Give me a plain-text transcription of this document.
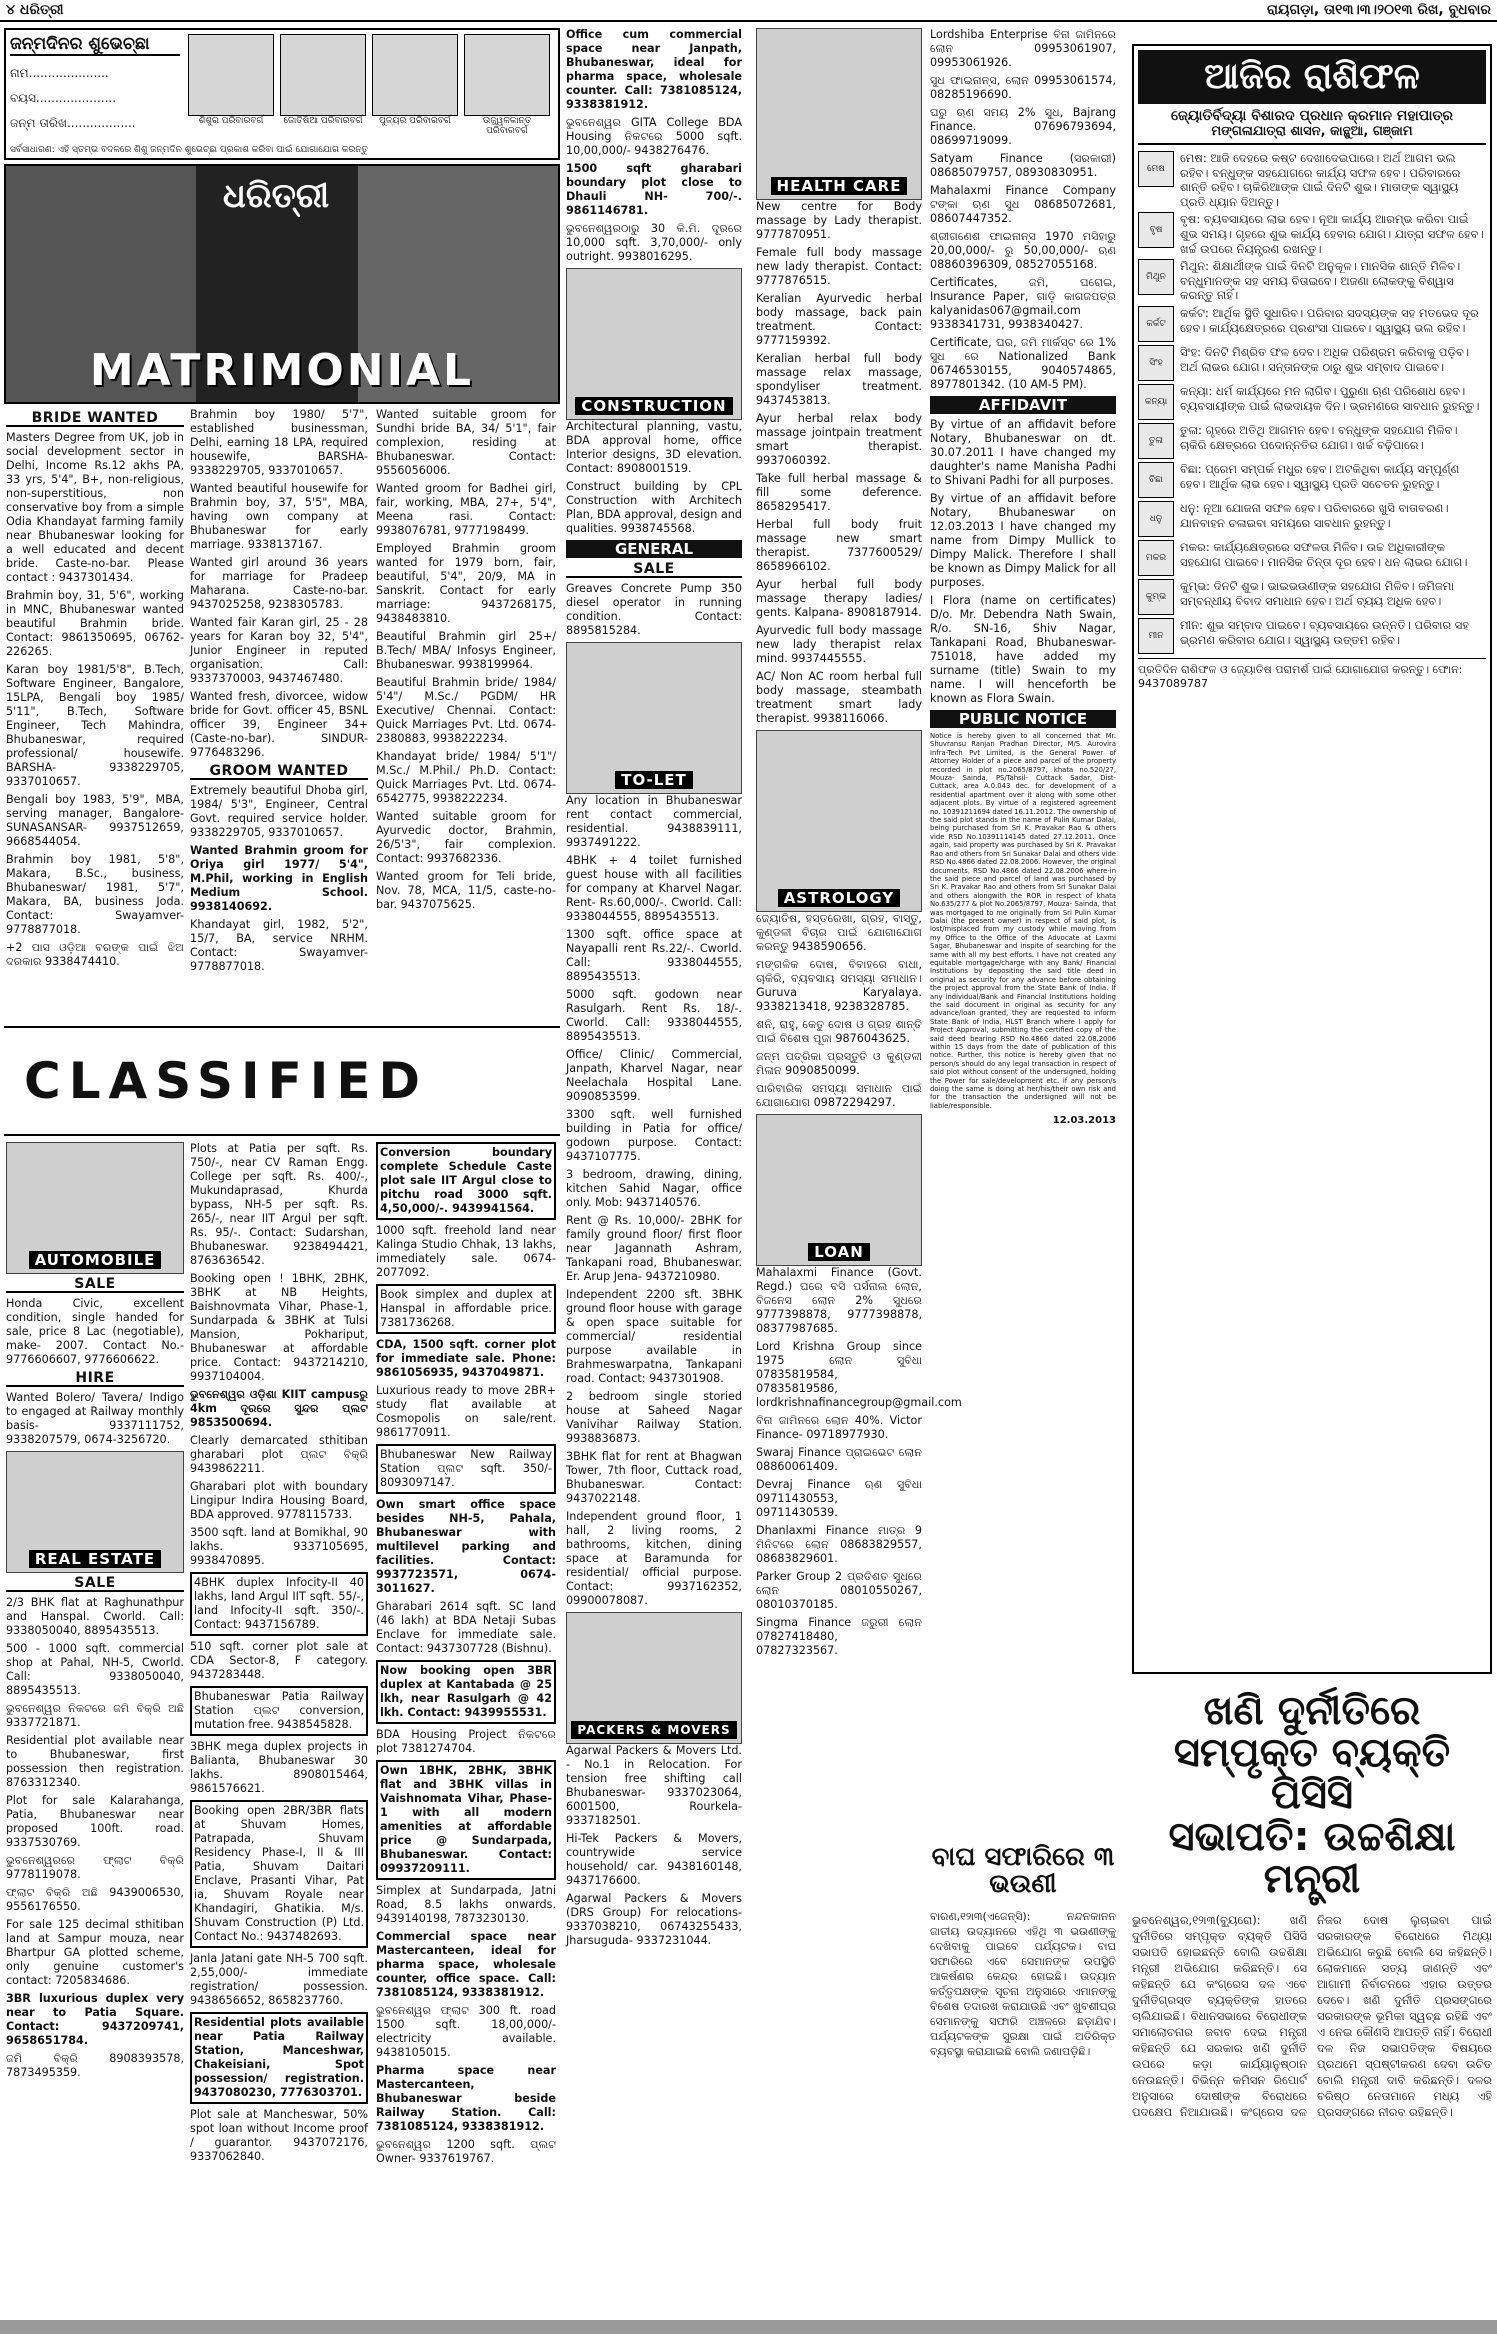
୪ ଧରିତ୍ରୀ	ରାୟଗଡ଼ା, ତା୧୩।୩।୨୦୧୩ ରିଖ, ବୁଧବାର
ଜନ୍ମଦିନର ଶୁଭେଚ୍ଛା
ନାମ.....................
ବୟସ.....................
ଜନ୍ମ ତାରିଖ..................	ଶିଶୁର ପରିବାରବର୍ଗ	ଜୋତିଷିଆ ପରିବାରବର୍ଗ	ପୁଜ୍ୟର ପରିବାରବର୍ଗ	ଉଜ୍ଜ୍ୱଳକାନ୍ତ ପରିବାରବର୍ଗ
ସର୍ବସାଧାରଣ: ଏହି ସ୍ତମ୍ଭ ବଦଳରେ ଶିଶୁ ଜନ୍ମଦିନ ଶୁଭେଚ୍ଛା ପ୍ରକାଶ କରିବା ପାଇଁ ଯୋଗାଯୋଗ କରନ୍ତୁ
ଧରିତ୍ରୀ
MATRIMONIAL
BRIDE WANTED

Masters Degree from UK, job in social development sector in Delhi, Income Rs.12 akhs PA, 33 yrs, 5'4", B+, non-religious, non-superstitious, non conservative boy from a simple Odia Khandayat farming family near Bhubaneswar looking for a well educated and decent bride. Caste-no-bar. Please contact : 9437301434.

Brahmin boy, 31, 5'6", working in MNC, Bhubaneswar wanted beautiful Brahmin bride. Contact: 9861350695, 06762-226265.

Karan boy 1981/5'8", B.Tech, Software Engineer, Bangalore, 15LPA, Bengali boy 1985/ 5'11", B.Tech, Software Engineer, Tech Mahindra, Bhubaneswar, required professional/ housewife. BARSHA- 9338229705, 9337010657.

Bengali boy 1983, 5'9", MBA, serving manager, Bangalore- SUNASANSAR- 9937512659, 9668544054.

Brahmin boy 1981, 5'8", Makara, B.Sc., business, Bhubaneswar/ 1981, 5'7", Makara, BA, business Joda. Contact: Swayamver- 9778877018.

+2 ପାସ ଓଡ଼ିଆ ବରଙ୍କ ପାଇଁ ଝିଅ ଦରକାର 9338474410.

Brahmin boy 1980/ 5'7", established businessman, Delhi, earning 18 LPA, required housewife, BARSHA- 9338229705, 9337010657.

Wanted beautiful housewife for Brahmin boy, 37, 5'5", MBA, having own company at Bhubaneswar for early marriage. 9338137167.

Wanted girl around 36 years for marriage for Pradeep Maharana. Caste-no-bar. 9437025258, 9238305783.

Wanted fair Karan girl, 25 - 28 years for Karan boy 32, 5'4", Junior Engineer in reputed organisation. Call: 9337370003, 9437467480.

Wanted fresh, divorcee, widow bride for Govt. officer 45, BSNL officer 39, Engineer 34+ (Caste-no-bar). SINDUR- 9776483296.

GROOM WANTED

Extremely beautiful Dhoba girl, 1984/ 5'3", Engineer, Central Govt. required service holder. 9338229705, 9337010657.

Wanted Brahmin groom for Oriya girl 1977/ 5'4", M.Phil, working in English Medium School. 9938140692.

Khandayat girl, 1982, 5'2", 15/7, BA, service NRHM. Contact: Swayamver- 9778877018.

Wanted suitable groom for Sundhi bride BA, 34/ 5'1", fair complexion, residing at Bhubaneswar. Contact: 9556056006.

Wanted groom for Badhei girl, fair, working, MBA, 27+, 5'4", Meena rasi. Contact: 9938076781, 9777198499.

Employed Brahmin groom wanted for 1979 born, fair, beautiful, 5'4", 20/9, MA in Sanskrit. Contact for early marriage: 9437268175, 9438483810.

Beautiful Brahmin girl 25+/ B.Tech/ MBA/ Infosys Engineer, Bhubaneswar. 9938199964.

Beautiful Brahmin bride/ 1984/ 5'4"/ M.Sc./ PGDM/ HR Executive/ Chennai. Contact: Quick Marriages Pvt. Ltd. 0674-2380883, 9938222234.

Khandayat bride/ 1984/ 5'1"/ M.Sc./ M.Phil./ Ph.D. Contact: Quick Marriages Pvt. Ltd. 0674-6542775, 9938222234.

Wanted suitable groom for Ayurvedic doctor, Brahmin, 26/5'3", fair complexion. Contact: 9937682336.

Wanted groom for Teli bride, Nov. 78, MCA, 11/5, caste-no-bar. 9437075625.

CLASSIFIED
AUTOMOBILE
SALE

Honda Civic, excellent condition, single handed for sale, price 8 Lac (negotiable), make- 2007. Contact No.- 9776606607, 9776606622.

HIRE

Wanted Bolero/ Tavera/ Indigo to engaged at Railway monthly basis- 9337111752, 9338207579, 0674-3256720.

REAL ESTATE
SALE

2/3 BHK flat at Raghunathpur and Hanspal. Cworld. Call: 9338050040, 8895435513.

500 - 1000 sqft. commercial shop at Pahal, NH-5, Cworld. Call: 9338050040, 8895435513.

ଭୁବନେଶ୍ୱର ନିକଟରେ ଜମି ବିକ୍ରି ଅଛି 9337721871.

Residential plot available near to Bhubaneswar, first possession then registration. 8763312340.

Plot for sale Kalarahanga, Patia, Bhubaneswar near proposed 100ft. road. 9337530769.

ଭୁବନେଶ୍ୱରରେ ଫ୍ଲାଟ ବିକ୍ରି 9778119078.

ଫ୍ଲାଟ ବିକ୍ରି ଅଛି 9439006530, 9556176550.

For sale 125 decimal sthitiban land at Sampur mouza, near Bhartpur GA plotted scheme, only genuine customer's contact: 7205834686.

3BR luxurious duplex very near to Patia Square. Contact: 9437209741, 9658651784.

ଜମି ବିକ୍ରି 8908393578, 7873495359.

Plots at Patia per sqft. Rs. 750/-, near CV Raman Engg. College per sqft. Rs. 400/-, Mukundaprasad, Khurda bypass, NH-5 per sqft. Rs. 265/-, near IIT Argul per sqft. Rs. 95/-. Contact: Sudarshan, Bhubaneswar. 9238494421, 8763636542.

Booking open ! 1BHK, 2BHK, 3BHK at NB Heights, Baishnovmata Vihar, Phase-1, Sundarpada & 3BHK at Tulsi Mansion, Pokhariput, Bhubaneswar at affordable price. Contact: 9437214210, 9937104004.

ଭୁବନେଶ୍ୱର ଓଡ଼ିଶା KIIT campusରୁ 4km ଦୂରରେ ସୁନ୍ଦର ପ୍ଲଟ 9853500694.

Clearly demarcated sthitiban gharabari plot ପ୍ଲଟ ବିକ୍ରି 9439862211.

Gharabari plot with boundary Lingipur Indira Housing Board, BDA approved. 9778115733.

3500 sqft. land at Bomikhal, 90 lakhs. 9337105695, 9938470895.

4BHK duplex Infocity-II 40 lakhs, land Argul IIT sqft. 55/-, land Infocity-II sqft. 350/-. Contact: 9437156789.

510 sqft. corner plot sale at CDA Sector-8, F category. 9437283448.

Bhubaneswar Patia Railway Station ପ୍ଲଟ conversion, mutation free. 9438545828.

3BHK mega duplex projects in Balianta, Bhubaneswar 30 lakhs. 8908015464, 9861576621.

Booking open 2BR/3BR flats at Shuvam Homes, Patrapada, Shuvam Residency Phase-I, II & III Patia, Shuvam Daitari Enclave, Prasanti Vihar, Pat ia, Shuvam Royale near Khandagiri, Ghatikia. M/s. Shuvam Construction (P) Ltd. Contact No.: 9437482693.

Janla Jatani gate NH-5 700 sqft. 2,55,000/- immediate registration/ possession. 9438656652, 8658237760.

Residential plots available near Patia Railway Station, Manceshwar, Chakeisiani, Spot possession/ registration. 9437080230, 7776303701.

Plot sale at Mancheswar, 50% spot loan without Income proof / guarantor. 9437072176, 9337062840.

Conversion boundary complete Schedule Caste plot sale IIT Argul close to pitchu road 3000 sqft. 4,50,000/-. 9439941564.

1000 sqft. freehold land near Kalinga Studio Chhak, 13 lakhs, immediately sale. 0674-2077092.

Book simplex and duplex at Hanspal in affordable price. 7381736268.

CDA, 1500 sqft. corner plot for immediate sale. Phone: 9861056935, 9437049871.

Luxurious ready to move 2BR+ study flat available at Cosmopolis on sale/rent. 9861770911.

Bhubaneswar New Railway Station ପ୍ଲଟ sqft. 350/- 8093097147.

Own smart office space besides NH-5, Pahala, Bhubaneswar with multilevel parking and facilities. Contact: 9937723571, 0674-3011627.

Gharabari 2614 sqft. SC land (46 lakh) at BDA Netaji Subas Enclave for immediate sale. Contact: 9437307728 (Bishnu).

Now booking open 3BR duplex at Kantabada @ 25 lkh, near Rasulgarh @ 42 lkh. Contact: 9439955531.

BDA Housing Project ନିକଟରେ plot 7381274704.

Own 1BHK, 2BHK, 3BHK flat and 3BHK villas in Vaishnomata Vihar, Phase-1 with all modern amenities at affordable price @ Sundarpada, Bhubaneswar. Contact: 09937209111.

Simplex at Sundarpada, Jatni Road, 8.5 lakhs onwards. 9439140198, 7873230130.

Commercial space near Mastercanteen, ideal for pharma space, wholesale counter, office space. Call: 7381085124, 9338381912.

ଭୁବନେଶ୍ୱର ଫ୍ଲାଟ 300 ft. road 1500 sqft. 18,00,000/- electricity available. 9438105015.

Pharma space near Mastercanteen, Bhubaneswar beside Railway Station. Call: 7381085124, 9338381912.

ଭୁବନେଶ୍ୱର 1200 sqft. ପ୍ଲଟ Owner- 9337619767.

Office cum commercial space near Janpath, Bhubaneswar, ideal for pharma space, wholesale counter. Call: 7381085124, 9338381912.

ଭୁବନେଶ୍ୱର GITA College BDA Housing ନିକଟରେ 5000 sqft. 10,00,000/- 9438276476.

1500 sqft gharabari boundary plot close to Dhauli NH- 700/-. 9861146781.

ଭୁବନେଶ୍ୱରଠାରୁ 30 କି.ମି. ଦୂରରେ 10,000 sqft. 3,70,000/- only outright. 9938016295.

CONSTRUCTION

Architectural planning, vastu, BDA approval home, office Interior designs, 3D elevation. Contact: 8908001519.

Construct building by CPL Construction with Architech Plan, BDA approval, design and qualities. 9938745568.

GENERAL
SALE

Greaves Concrete Pump 350 diesel operator in running condition. Contact: 8895815284.

TO-LET

Any location in Bhubaneswar rent contact commercial, residential. 9438839111, 9937491222.

4BHK + 4 toilet furnished guest house with all facilities for company at Kharvel Nagar. Rent- Rs.60,000/-. Cworld. Call: 9338044555, 8895435513.

1300 sqft. office space at Nayapalli rent Rs.22/-. Cworld. Call: 9338044555, 8895435513.

5000 sqft. godown near Rasulgarh. Rent Rs. 18/-. Cworld. Call: 9338044555, 8895435513.

Office/ Clinic/ Commercial, Janpath, Kharvel Nagar, near Neelachala Hospital Lane. 9090853599.

3300 sqft. well furnished building in Patia for office/ godown purpose. Contact: 9437107775.

3 bedroom, drawing, dining, kitchen Sahid Nagar, office only. Mob: 9437140576.

Rent @ Rs. 10,000/- 2BHK for family ground floor/ first floor near Jagannath Ashram, Tankapani road, Bhubaneswar. Er. Arup Jena- 9437210980.

Independent 2200 sft. 3BHK ground floor house with garage & open space suitable for commercial/ residential purpose available in Brahmeswarpatna, Tankapani road. Contact: 9437301908.

2 bedroom single storied house at Saheed Nagar Vanivihar Railway Station. 9938836873.

3BHK flat for rent at Bhagwan Tower, 7th floor, Cuttack road, Bhubaneswar. Contact: 9437022148.

Independent ground floor, 1 hall, 2 living rooms, 2 bathrooms, kitchen, dining space at Baramunda for residential/ official purpose. Contact: 9937162352, 09900078087.

PACKERS & MOVERS

Agarwal Packers & Movers Ltd. - No.1 in Relocation. For tension free shifting call Bhubaneswar- 9337023064, 6001500, Rourkela- 9337182501.

Hi-Tek Packers & Movers, countrywide service household/ car. 9438160148, 9437176600.

Agarwal Packers & Movers (DRS Group) For relocations- 9337038210, 06743255433, Jharsuguda- 9337231044.

HEALTH CARE

New centre for Body massage by Lady therapist. 9777870951.

Female full body massage new lady therapist. Contact: 9777876515.

Keralian Ayurvedic herbal body massage, back pain treatment. Contact: 9777159392.

Keralian herbal full body massage relax massage, spondyliser treatment. 9437453813.

Ayur herbal relax body massage jointpain treatment smart therapist. 9937060392.

Take full herbal massage & fill some deference. 8658295417.

Herbal full body fruit massage new smart therapist. 7377600529/ 8658966102.

Ayur herbal full body massage therapy ladies/ gents. Kalpana- 8908187914.

Ayurvedic full body massage new lady therapist relax mind. 9937445555.

AC/ Non AC room herbal full body massage, steambath treatment smart lady therapist. 9938116066.

ASTROLOGY

ଜ୍ୟୋତିଷ, ହସ୍ତରେଖା, ଗ୍ରହ, ବାସ୍ତୁ, କୁଣ୍ଡଳୀ ବିଚାର ପାଇଁ ଯୋଗାଯୋଗ କରନ୍ତୁ 9438590656.

ମଙ୍ଗଳିକ ଦୋଷ, ବିବାହରେ ବାଧା, ଚାକିରି, ବ୍ୟବସାୟ ସମସ୍ୟା ସମାଧାନ। Guruva Karyalaya. 9338213418, 9238328785.

ଶନି, ରାହୁ, କେତୁ ଦୋଷ ଓ ଗ୍ରହ ଶାନ୍ତି ପାଇଁ ବିଶେଷ ପୂଜା 9876043625.

ଜନ୍ମ ପତ୍ରିକା ପ୍ରସ୍ତୁତି ଓ କୁଣ୍ଡଳୀ ମିଳାନ 9090850099.

ପାରିବାରିକ ସମସ୍ୟା ସମାଧାନ ପାଇଁ ଯୋଗାଯୋଗ 09872294297.

LOAN

Mahalaxmi Finance (Govt. Regd.) ଘରେ ବସି ପର୍ସନାଲ ଲୋନ, ବିଜନେସ ଲୋନ 2% ସୁଧରେ 9777398878, 9777398878, 08377987685.

Lord Krishna Group since 1975 ଲୋନ ସୁବିଧା 07835819584, 07835819586, lordkrishnafinancegroup@gmail.com

ବିନା ଜାମିନରେ ଲୋନ 40%. Victor Finance- 09718977930.

Swaraj Finance ପ୍ରାଇଭେଟ ଲୋନ 08860061409.

Devraj Finance ଋଣ ସୁବିଧା 09711430553, 09711430539.

Dhanlaxmi Finance ମାତ୍ର 9 ମିନିଟରେ ଲୋନ 08683829557, 08683829601.

Parker Group 2 ପ୍ରତିଶତ ସୁଧରେ ଲୋନ 08010550267, 08010370185.

Singma Finance ଜରୁରୀ ଲୋନ 07827418480, 07827323567.

Lordshiba Enterprise ବିନା ଜାମିନରେ ଲୋନ 09953061907, 09953061926.

ସୁଧ ଫାଇନାନ୍ସ, ଲୋନ 09953061574, 08285196690.

ଘରୁ ଋଣ ସମୟ 2% ସୁଧ, Bajrang Finance. 07696793694, 08699719099.

Satyam Finance (ସରକାରୀ) 08685079757, 08930830951.

Mahalaxmi Finance Company ଟଙ୍କା ଋଣ ସୁଧ 08685072681, 08607447352.

ଶ୍ରୀଗଣେଶ ଫାଇନାନ୍ସ 1970 ମସିହାରୁ 20,00,000/- ରୁ 50,00,000/- ଋଣ 08860396309, 08527055168.

Certificates, ଜମି, ଘରୋଇ, Insurance Paper, ଗାଡ଼ି କାଗଜପତ୍ର kalyanidas067@gmail.com 9338341731, 9938340427.

Certificate, ଘର, ଜମି ମାର୍କସ୍ଟ ରେ 1% ସୁଧ ରେ Nationalized Bank 06746530155, 9040574865, 8977801342. (10 AM-5 PM).

AFFIDAVIT

By virtue of an affidavit before Notary, Bhubaneswar on dt. 30.07.2011 I have changed my daughter's name Manisha Padhi to Shivani Padhi for all purposes.

By virtue of an affidavit before Notary, Bhubaneswar on 12.03.2013 I have changed my name from Dimpy Mullick to Dimpy Malick. Therefore I shall be known as Dimpy Malick for all purposes.

I Flora (name on certificates) D/o. Mr. Debendra Nath Swain, R/o. SN-16, Shiv Nagar, Tankapani Road, Bhubaneswar-751018, have added my surname (title) Swain to my name. I will henceforth be known as Flora Swain.

PUBLIC NOTICE

Notice is hereby given to all concerned that Mr. Shuvransu Ranjan Pradhan Director, M/S. Aurovira Infra-Tech Pvt Limited, is the General Power of Attorney Holder of a piece and parcel of the property recorded in plot no.2065/8797, khata no.520/27, Mouza- Sainda, PS/Tahsil- Cuttack Sadar, Dist- Cuttack, area A.0.043 dec. for development of a residential apartment over it along with some other adjacent plots. By virtue of a registered agreement no. 10391211694 dated 16.11.2012. The ownership of the said plot stands in the name of Pulin Kumar Dalai, being purchased from Sri K. Pravakar Rao & others vide RSD No.10391114145 dated 27.12.2011. Once again, said property was purchased by Sri K. Pravakar Rao and others from Sri Sunakar Dalai and others vide RSD No.4866 dated 22.08.2006. However, the original documents, RSD No.4866 dated 22.08.2006 where-in the said piece and parcel of land was purchased by Sri K. Pravakar Rao and others from Sri Sunakar Dalai and others alongwith the ROR in respect of khata No.635/277 & plot No.2065/8797, Mouza- Sainda, that was mortgaged to me originally from Sri Pulin Kumar Dalai (the present owner) in respect of said plot, is lost/misplaced from my custody while moving from my Office to the Office of the Advocate at Laxmi Sagar, Bhubaneswar and inspite of searching for the same with all my best efforts. I have not created any equitable mortgage/charge with any Bank/ Financial Institutions by depositing the said title deed in original as security for any advance before obtaining the project approval from the State Bank of India. If any individual/Bank and Financial Institutions holding the said document in original as security for any advance/loan granted, they are requested to inform State Bank of India, HLST Branch where I apply for Project Approval, submitting the certified copy of the said deed bearing RSD No.4866 dated 22.08.2006 within 15 days from the date of publication of this notice. Further, this notice is hereby given that no person/s should do any legal transaction in respect of said plot without consent of the undersigned, holding the Power for sale/development etc. if any person/s doing the same is doing at her/his/their own risk and for the transaction the undersigned will not be liable/responsible.

12.03.2013

ବାଘ ସଫାରିରେ ୩ ଭଉଣୀ

ବାରଣ,୧୨ା୩(ଏଜେନ୍ସି): ନନ୍ଦନକାନନ ଜାତୀୟ ଉଦ୍ୟାନରେ ଏହିଥି ୩ ଭଉଣୀଙ୍କୁ ଦେଖିବାକୁ ପାଇବେ ପର୍ଯ୍ୟଟକ। ବାଘ ସଫାରିରେ ଏବେ ସେମାନଙ୍କ ଉପସ୍ଥିତି ଆକର୍ଷଣର କେନ୍ଦ୍ର ହୋଇଛି। ଉଦ୍ୟାନ କର୍ତ୍ତୃପକ୍ଷଙ୍କ ସୂଚନା ଅନୁସାରେ ଏମାନଙ୍କୁ ବିଶେଷ ତଦାରଖ କରାଯାଉଛି ଏବଂ ଖୁବଶୀଘ୍ର ସେମାନଙ୍କୁ ସଫାରି ଅଞ୍ଚଳରେ ଛଡ଼ାଯିବ। ପର୍ଯ୍ୟଟକଙ୍କ ସୁରକ୍ଷା ପାଇଁ ଅତିରିକ୍ତ ବ୍ୟବସ୍ଥା କରାଯାଇଛି ବୋଲି ଜଣାପଡ଼ିଛି।

ଆଜିର ରାଶିଫଳ
ଜ୍ୟୋତିର୍ବିଦ୍ୟା ବିଶାରଦ ପ୍ରଧାନ କ୍ରମାନ ମହାପାତ୍ର
ମଙ୍ଗଳାଯାତ୍ରା ଶାସନ, କାନ୍ଥୁଆ, ଗଞ୍ଜାମ
ମେଷ
ମେଷ: ଆଜି ଦେହରେ କଷ୍ଟ ଦେଖାଦେଇପାରେ। ଅର୍ଥ ଆଗମ ଭଲ ରହିବ। ବନ୍ଧୁଙ୍କ ସହଯୋଗରେ କାର୍ଯ୍ୟ ସଫଳ ହେବ। ପରିବାରରେ ଶାନ୍ତି ରହିବ। ଚାକିରିଆଙ୍କ ପାଇଁ ଦିନଟି ଶୁଭ। ମାତାଙ୍କ ସ୍ୱାସ୍ଥ୍ୟ ପ୍ରତି ଧ୍ୟାନ ଦିଅନ୍ତୁ।
ବୃଷ
ବୃଷ: ବ୍ୟବସାୟରେ ଲାଭ ହେବ। ନୂଆ କାର୍ଯ୍ୟ ଆରମ୍ଭ କରିବା ପାଇଁ ଶୁଭ ସମୟ। ଗୃହରେ ଶୁଭ କାର୍ଯ୍ୟ ହେବାର ଯୋଗ। ଯାତ୍ରା ସଫଳ ହେବ। ଖର୍ଚ୍ଚ ଉପରେ ନିୟନ୍ତ୍ରଣ ରଖନ୍ତୁ।
ମିଥୁନ
ମିଥୁନ: ଶିକ୍ଷାର୍ଥୀଙ୍କ ପାଇଁ ଦିନଟି ଅନୁକୂଳ। ମାନସିକ ଶାନ୍ତି ମିଳିବ। ବନ୍ଧୁମାନଙ୍କ ସହ ସମୟ ବିତାଇବେ। ଅଜଣା ଲୋକଙ୍କୁ ବିଶ୍ୱାସ କରନ୍ତୁ ନାହିଁ।
କର୍କଟ
କର୍କଟ: ଆର୍ଥିକ ସ୍ଥିତି ସୁଧାରିବ। ପରିବାର ସଦସ୍ୟଙ୍କ ସହ ମତଭେଦ ଦୂର ହେବ। କାର୍ଯ୍ୟକ୍ଷେତ୍ରରେ ପ୍ରଶଂସା ପାଇବେ। ସ୍ୱାସ୍ଥ୍ୟ ଭଲ ରହିବ।
ସିଂହ
ସିଂହ: ଦିନଟି ମିଶ୍ରିତ ଫଳ ଦେବ। ଅଧିକ ପରିଶ୍ରମ କରିବାକୁ ପଡ଼ିବ। ଅର୍ଥ ଲାଭର ଯୋଗ। ସନ୍ତାନଙ୍କ ଠାରୁ ଶୁଭ ସମ୍ବାଦ ପାଇବେ।
କନ୍ୟା
କନ୍ୟା: ଧର୍ମ କାର୍ଯ୍ୟରେ ମନ ଲାଗିବ। ପୁରୁଣା ଋଣ ପରିଶୋଧ ହେବ। ବ୍ୟବସାୟୀଙ୍କ ପାଇଁ ଲାଭଦାୟକ ଦିନ। ଭ୍ରମଣରେ ସାବଧାନ ରୁହନ୍ତୁ।
ତୁଳା
ତୁଳା: ଗୃହରେ ଅତିଥି ଆଗମନ ହେବ। ବନ୍ଧୁଙ୍କ ସହଯୋଗ ମିଳିବ। ଚାକିରି କ୍ଷେତ୍ରରେ ପଦୋନ୍ନତିର ଯୋଗ। ଖର୍ଚ୍ଚ ବଢ଼ିପାରେ।
ବିଛା
ବିଛା: ପ୍ରେମ ସମ୍ପର୍କ ମଧୁର ହେବ। ଅଟକିଥିବା କାର୍ଯ୍ୟ ସମ୍ପୂର୍ଣ୍ଣ ହେବ। ଆର୍ଥିକ ଲାଭ ହେବ। ସ୍ୱାସ୍ଥ୍ୟ ପ୍ରତି ସଚେତନ ରୁହନ୍ତୁ।
ଧନୁ
ଧନୁ: ନୂଆ ଯୋଜନା ସଫଳ ହେବ। ପରିବାରରେ ଖୁସି ବାତାବରଣ। ଯାନବାହନ ଚଳାଇବା ସମୟରେ ସାବଧାନ ରୁହନ୍ତୁ।
ମକର
ମକର: କାର୍ଯ୍ୟକ୍ଷେତ୍ରରେ ସଫଳତା ମିଳିବ। ଉଚ୍ଚ ଅଧିକାରୀଙ୍କ ସହଯୋଗ ପାଇବେ। ମାନସିକ ଚିନ୍ତା ଦୂର ହେବ। ଧନ ଲାଭର ଯୋଗ।
କୁମ୍ଭ
କୁମ୍ଭ: ଦିନଟି ଶୁଭ। ଭାଇଭଉଣୀଙ୍କ ସହଯୋଗ ମିଳିବ। ଜମିଜମା ସମ୍ବନ୍ଧୀୟ ବିବାଦ ସମାଧାନ ହେବ। ଅର୍ଥ ବ୍ୟୟ ଅଧିକ ହେବ।
ମୀନ
ମୀନ: ଶୁଭ ସମ୍ବାଦ ପାଇବେ। ବ୍ୟବସାୟରେ ଉନ୍ନତି। ପରିବାର ସହ ଭ୍ରମଣ କରିବାର ଯୋଗ। ସ୍ୱାସ୍ଥ୍ୟ ଉତ୍ତମ ରହିବ।

ପ୍ରତିଦିନ ରାଶିଫଳ ଓ ଜ୍ୟୋତିଷ ପରାମର୍ଶ ପାଇଁ ଯୋଗାଯୋଗ କରନ୍ତୁ। ଫୋନ: 9437089787

ଖଣି ଦୁର୍ନୀତିରେ
ସମ୍ପୃକ୍ତ ବ୍ୟକ୍ତି ପିସିସି
ସଭାପତି: ଉଚ୍ଚଶିକ୍ଷା ମନ୍ତ୍ରୀ

ଭୁବନେଶ୍ୱର,୧୨ା୩(ବ୍ୟୁରୋ): ଖଣି ଦୁର୍ନୀତିରେ ସମ୍ପୃକ୍ତ ବ୍ୟକ୍ତି ପିସିସି ସଭାପତି ହୋଇଛନ୍ତି ବୋଲି ଉଚ୍ଚଶିକ୍ଷା ମନ୍ତ୍ରୀ ଅଭିଯୋଗ କରିଛନ୍ତି। ସେ କହିଛନ୍ତି ଯେ କଂଗ୍ରେସ ଦଳ ଏବେ ଦୁର୍ନୀତିଗ୍ରସ୍ତ ବ୍ୟକ୍ତିଙ୍କ ହାତରେ ଚାଲିଯାଇଛି। ବିଧାନସଭାରେ ବିରୋଧୀଙ୍କ ସମାଲୋଚନାର ଜବାବ ଦେଇ ମନ୍ତ୍ରୀ କହିଛନ୍ତି ଯେ ସରକାର ଖଣି ଦୁର୍ନୀତି ଉପରେ କଡ଼ା କାର୍ଯ୍ୟାନୁଷ୍ଠାନ ନେଉଛନ୍ତି। ବିଭିନ୍ନ କମିସନ ରିପୋର୍ଟ ଅନୁସାରେ ଦୋଷୀଙ୍କ ବିରୋଧରେ ପଦକ୍ଷେପ ନିଆଯାଉଛି। କଂଗ୍ରେସ ଦଳ ନିଜର ଦୋଷ ଲୁଚାଇବା ପାଇଁ ସରକାରଙ୍କ ବିରୋଧରେ ମିଥ୍ୟା ଅଭିଯୋଗ କରୁଛି ବୋଲି ସେ କହିଛନ୍ତି। ଲୋକମାନେ ସତ୍ୟ ଜାଣନ୍ତି ଏବଂ ଆଗାମୀ ନିର୍ବାଚନରେ ଏହାର ଉତ୍ତର ଦେବେ। ଖଣି ଦୁର୍ନୀତି ପ୍ରସଙ୍ଗରେ ସରକାରଙ୍କ ଭୂମିକା ସ୍ୱଚ୍ଛ ରହିଛି ଏବଂ ଏ ନେଇ କୌଣସି ଆପତ୍ତି ନାହିଁ। ବିରୋଧୀ ଦଳ ନିଜ ସଭାପତିଙ୍କ ବିଷୟରେ ପ୍ରଥମେ ସ୍ପଷ୍ଟୀକରଣ ଦେବା ଉଚିତ ବୋଲି ମନ୍ତ୍ରୀ ଦାବି କରିଛନ୍ତି। ଦଳର ବରିଷ୍ଠ ନେତାମାନେ ମଧ୍ୟ ଏହି ପ୍ରସଙ୍ଗରେ ନୀରବ ରହିଛନ୍ତି।
